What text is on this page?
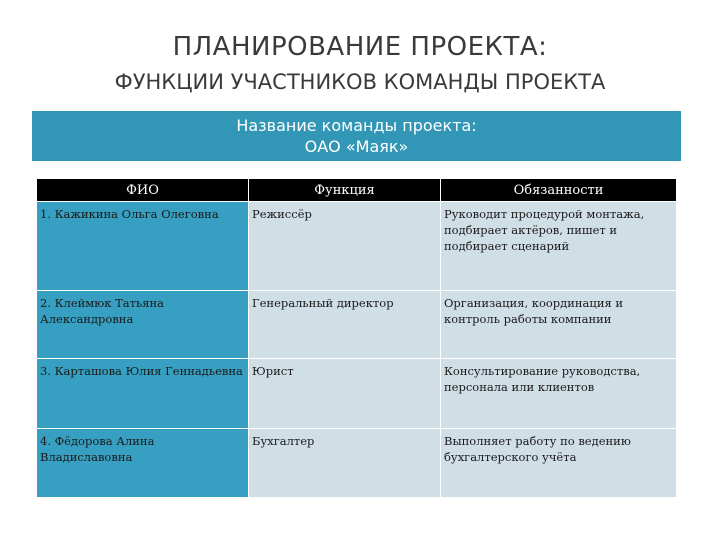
ПЛАНИРОВАНИЕ ПРОЕКТА:
ФУНКЦИИ УЧАСТНИКОВ КОМАНДЫ ПРОЕКТА
Название команды проекта:
ОАО «Маяк»
ФИО	Функция	Обязанности
1. Кажикина Ольга Олеговна	Режиссёр	Руководит процедурой монтажа, подбирает актёров, пишет и подбирает сценарий
2. Клеймюк Татьяна Александровна	Генеральный директор	Организация, координация и контроль работы компании
3. Карташова Юлия Геннадьевна	Юрист	Консультирование руководства, персонала или клиентов
4. Фёдорова Алина Владиславовна	Бухгалтер	Выполняет работу по ведению бухгалтерского учёта
